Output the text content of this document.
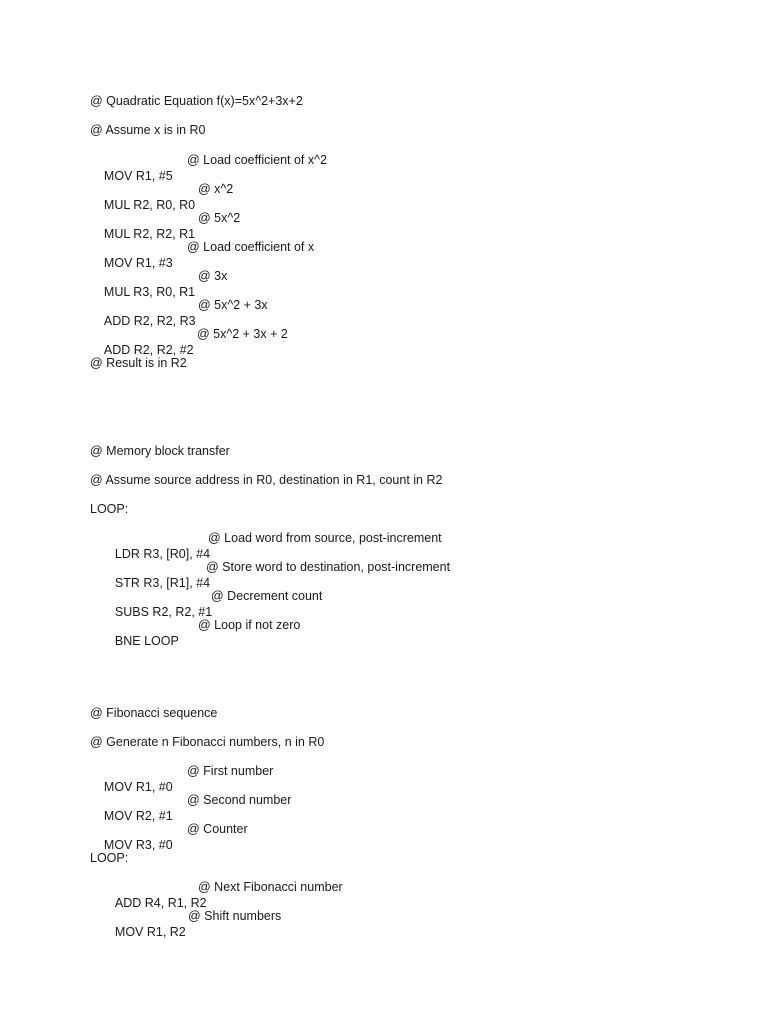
@ Quadratic Equation f(x)=5x^2+3x+2
@ Assume x is in R0

MOV R1, #5

@ Load coefficient of x^2

MUL R2, R0, R0

@ x^2

MUL R2, R2, R1

@ 5x^2

MOV R1, #3

@ Load coefficient of x

MUL R3, R0, R1

@ 3x

ADD R2, R2, R3

@ 5x^2 + 3x

ADD R2, R2, #2

@ 5x^2 + 3x + 2

@ Result is in R2
@ Memory block transfer
@ Assume source address in R0, destination in R1, count in R2
LOOP:

LDR R3, [R0], #4

@ Load word from source, post-increment

STR R3, [R1], #4

@ Store word to destination, post-increment

SUBS R2, R2, #1

@ Decrement count

BNE LOOP

@ Loop if not zero

@ Fibonacci sequence
@ Generate n Fibonacci numbers, n in R0

MOV R1, #0

@ First number

MOV R2, #1

@ Second number

MOV R3, #0

@ Counter

LOOP:

ADD R4, R1, R2

@ Next Fibonacci number

MOV R1, R2

@ Shift numbers
